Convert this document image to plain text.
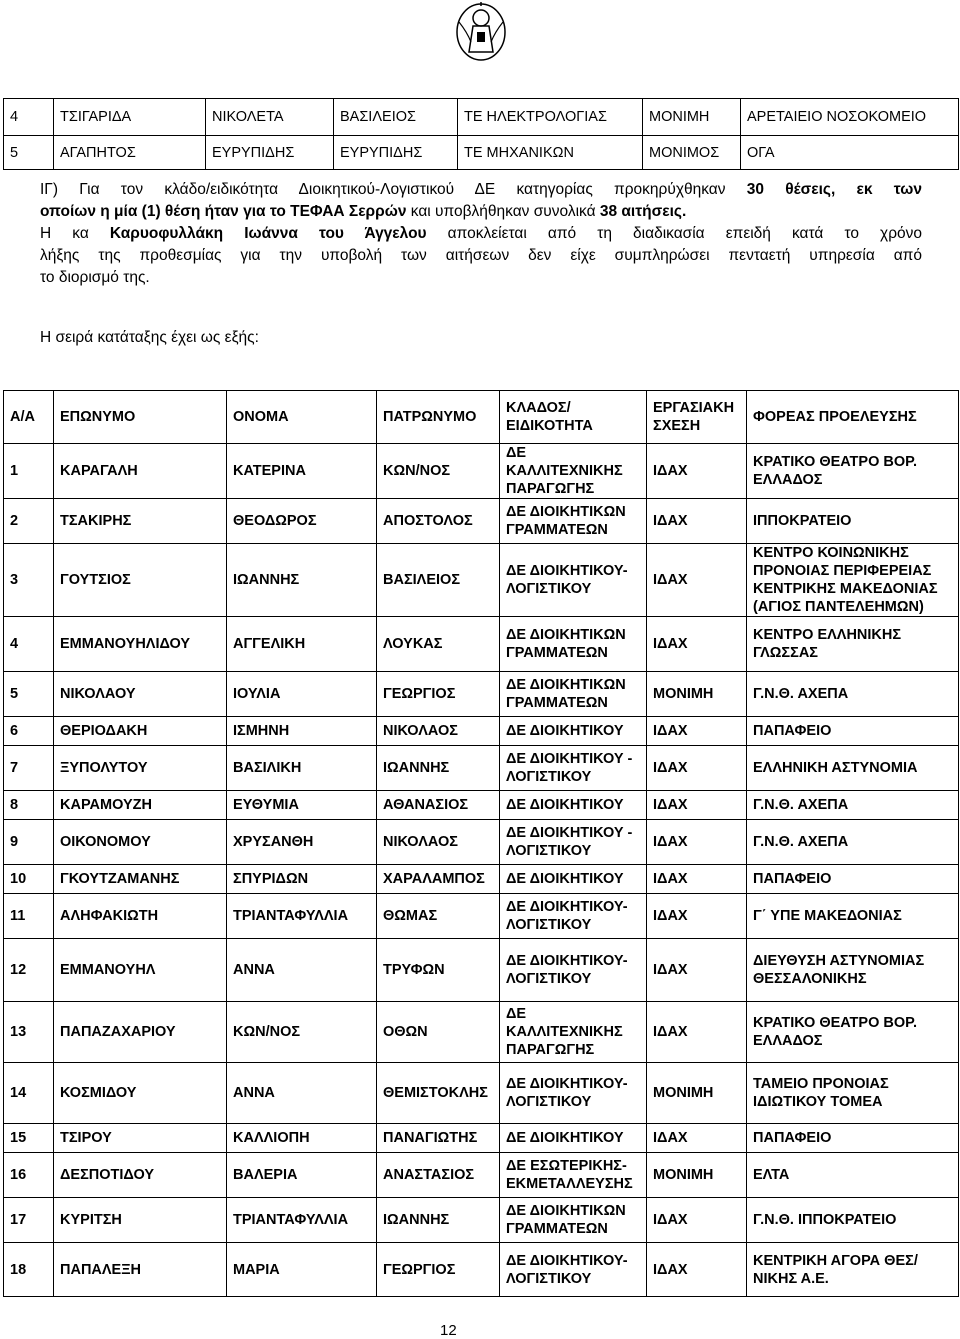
4	ΤΣΙΓΑΡΙΔΑ	ΝΙΚΟΛΕΤΑ	ΒΑΣΙΛΕΙΟΣ	ΤΕ ΗΛΕΚΤΡΟΛΟΓΙΑΣ	ΜΟΝΙΜΗ	ΑΡΕΤΑΙΕΙΟ ΝΟΣΟΚΟΜΕΙΟ
5	ΑΓΑΠΗΤΟΣ	ΕΥΡΥΠΙΔΗΣ	ΕΥΡΥΠΙΔΗΣ	ΤΕ ΜΗΧΑΝΙΚΩΝ	ΜΟΝΙΜΟΣ	ΟΓΑ
ΙΓ) Για τον κλάδο/ειδικότητα Διοικητικού-Λογιστικού ΔΕ κατηγορίας προκηρύχθηκαν 30 θέσεις, εκ των
οποίων η μία (1) θέση ήταν για το ΤΕΦΑΑ Σερρών και υποβλήθηκαν συνολικά 38 αιτήσεις.
Η κα Καρυοφυλλάκη Ιωάννα του Άγγελου αποκλείεται από τη διαδικασία επειδή κατά το χρόνο
λήξης της προθεσμίας για την υποβολή των αιτήσεων δεν είχε συμπληρώσει πενταετή υπηρεσία από
το διορισμό της.
Η σειρά κατάταξης έχει ως εξής:
Α/Α	ΕΠΩΝΥΜΟ	ΟΝΟΜΑ	ΠΑΤΡΩΝΥΜΟ	ΚΛΑΔΟΣ/ ΕΙΔΙΚΟΤΗΤΑ	ΕΡΓΑΣΙΑΚΗ ΣΧΕΣΗ	ΦΟΡΕΑΣ ΠΡΟΕΛΕΥΣΗΣ
1	ΚΑΡΑΓΑΛΗ	ΚΑΤΕΡΙΝΑ	ΚΩΝ/ΝΟΣ	ΔΕ ΚΑΛΛΙΤΕΧΝΙΚΗΣ ΠΑΡΑΓΩΓΗΣ	ΙΔΑΧ	ΚΡΑΤΙΚΟ ΘΕΑΤΡΟ ΒΟΡ. ΕΛΛΑΔΟΣ
2	ΤΣΑΚΙΡΗΣ	ΘΕΟΔΩΡΟΣ	ΑΠΟΣΤΟΛΟΣ	ΔΕ ΔΙΟΙΚΗΤΙΚΩΝ ΓΡΑΜΜΑΤΕΩΝ	ΙΔΑΧ	ΙΠΠΟΚΡΑΤΕΙΟ
3	ΓΟΥΤΣΙΟΣ	ΙΩΑΝΝΗΣ	ΒΑΣΙΛΕΙΟΣ	ΔΕ ΔΙΟΙΚΗΤΙΚΟΥ-ΛΟΓΙΣΤΙΚΟΥ	ΙΔΑΧ	ΚΕΝΤΡΟ ΚΟΙΝΩΝΙΚΗΣ ΠΡΟΝΟΙΑΣ ΠΕΡΙΦΕΡΕΙΑΣ ΚΕΝΤΡΙΚΗΣ ΜΑΚΕΔΟΝΙΑΣ (ΑΓΙΟΣ ΠΑΝΤΕΛΕΗΜΩΝ)
4	ΕΜΜΑΝΟΥΗΛΙΔΟΥ	ΑΓΓΕΛΙΚΗ	ΛΟΥΚΑΣ	ΔΕ ΔΙΟΙΚΗΤΙΚΩΝ ΓΡΑΜΜΑΤΕΩΝ	ΙΔΑΧ	ΚΕΝΤΡΟ ΕΛΛΗΝΙΚΗΣ ΓΛΩΣΣΑΣ
5	ΝΙΚΟΛΑΟΥ	ΙΟΥΛΙΑ	ΓΕΩΡΓΙΟΣ	ΔΕ ΔΙΟΙΚΗΤΙΚΩΝ ΓΡΑΜΜΑΤΕΩΝ	ΜΟΝΙΜΗ	Γ.Ν.Θ. ΑΧΕΠΑ
6	ΘΕΡΙΟΔΑΚΗ	ΙΣΜΗΝΗ	ΝΙΚΟΛΑΟΣ	ΔΕ ΔΙΟΙΚΗΤΙΚΟΥ	ΙΔΑΧ	ΠΑΠΑΦΕΙΟ
7	ΞΥΠΟΛΥΤΟΥ	ΒΑΣΙΛΙΚΗ	ΙΩΑΝΝΗΣ	ΔΕ ΔΙΟΙΚΗΤΙΚΟΥ - ΛΟΓΙΣΤΙΚΟΥ	ΙΔΑΧ	ΕΛΛΗΝΙΚΗ ΑΣΤΥΝΟΜΙΑ
8	ΚΑΡΑΜΟΥΖΗ	ΕΥΘΥΜΙΑ	ΑΘΑΝΑΣΙΟΣ	ΔΕ ΔΙΟΙΚΗΤΙΚΟΥ	ΙΔΑΧ	Γ.Ν.Θ. ΑΧΕΠΑ
9	ΟΙΚΟΝΟΜΟΥ	ΧΡΥΣΑΝΘΗ	ΝΙΚΟΛΑΟΣ	ΔΕ ΔΙΟΙΚΗΤΙΚΟΥ - ΛΟΓΙΣΤΙΚΟΥ	ΙΔΑΧ	Γ.Ν.Θ. ΑΧΕΠΑ
10	ΓΚΟΥΤΖΑΜΑΝΗΣ	ΣΠΥΡΙΔΩΝ	ΧΑΡΑΛΑΜΠΟΣ	ΔΕ ΔΙΟΙΚΗΤΙΚΟΥ	ΙΔΑΧ	ΠΑΠΑΦΕΙΟ
11	ΑΛΗΦΑΚΙΩΤΗ	ΤΡΙΑΝΤΑΦΥΛΛΙΑ	ΘΩΜΑΣ	ΔΕ ΔΙΟΙΚΗΤΙΚΟΥ-ΛΟΓΙΣΤΙΚΟΥ	ΙΔΑΧ	Γ΄ ΥΠΕ ΜΑΚΕΔΟΝΙΑΣ
12	ΕΜΜΑΝΟΥΗΛ	ΑΝΝΑ	ΤΡΥΦΩΝ	ΔΕ ΔΙΟΙΚΗΤΙΚΟΥ-ΛΟΓΙΣΤΙΚΟΥ	ΙΔΑΧ	ΔΙΕΥΘΥΣΗ ΑΣΤΥΝΟΜΙΑΣ ΘΕΣΣΑΛΟΝΙΚΗΣ
13	ΠΑΠΑΖΑΧΑΡΙΟΥ	ΚΩΝ/ΝΟΣ	ΟΘΩΝ	ΔΕ ΚΑΛΛΙΤΕΧΝΙΚΗΣ ΠΑΡΑΓΩΓΗΣ	ΙΔΑΧ	ΚΡΑΤΙΚΟ ΘΕΑΤΡΟ ΒΟΡ. ΕΛΛΑΔΟΣ
14	ΚΟΣΜΙΔΟΥ	ΑΝΝΑ	ΘΕΜΙΣΤΟΚΛΗΣ	ΔΕ ΔΙΟΙΚΗΤΙΚΟΥ-ΛΟΓΙΣΤΙΚΟΥ	ΜΟΝΙΜΗ	ΤΑΜΕΙΟ ΠΡΟΝΟΙΑΣ ΙΔΙΩΤΙΚΟΥ ΤΟΜΕΑ
15	ΤΣΙΡΟΥ	ΚΑΛΛΙΟΠΗ	ΠΑΝΑΓΙΩΤΗΣ	ΔΕ ΔΙΟΙΚΗΤΙΚΟΥ	ΙΔΑΧ	ΠΑΠΑΦΕΙΟ
16	ΔΕΣΠΟΤΙΔΟΥ	ΒΑΛΕΡΙΑ	ΑΝΑΣΤΑΣΙΟΣ	ΔΕ ΕΣΩΤΕΡΙΚΗΣ-ΕΚΜΕΤΑΛΛΕΥΣΗΣ	ΜΟΝΙΜΗ	ΕΛΤΑ
17	ΚΥΡΙΤΣΗ	ΤΡΙΑΝΤΑΦΥΛΛΙΑ	ΙΩΑΝΝΗΣ	ΔΕ ΔΙΟΙΚΗΤΙΚΩΝ ΓΡΑΜΜΑΤΕΩΝ	ΙΔΑΧ	Γ.Ν.Θ. ΙΠΠΟΚΡΑΤΕΙΟ
18	ΠΑΠΑΛΕΞΗ	ΜΑΡΙΑ	ΓΕΩΡΓΙΟΣ	ΔΕ ΔΙΟΙΚΗΤΙΚΟΥ-ΛΟΓΙΣΤΙΚΟΥ	ΙΔΑΧ	ΚΕΝΤΡΙΚΗ ΑΓΟΡΑ ΘΕΣ/ΝΙΚΗΣ Α.Ε.
12
